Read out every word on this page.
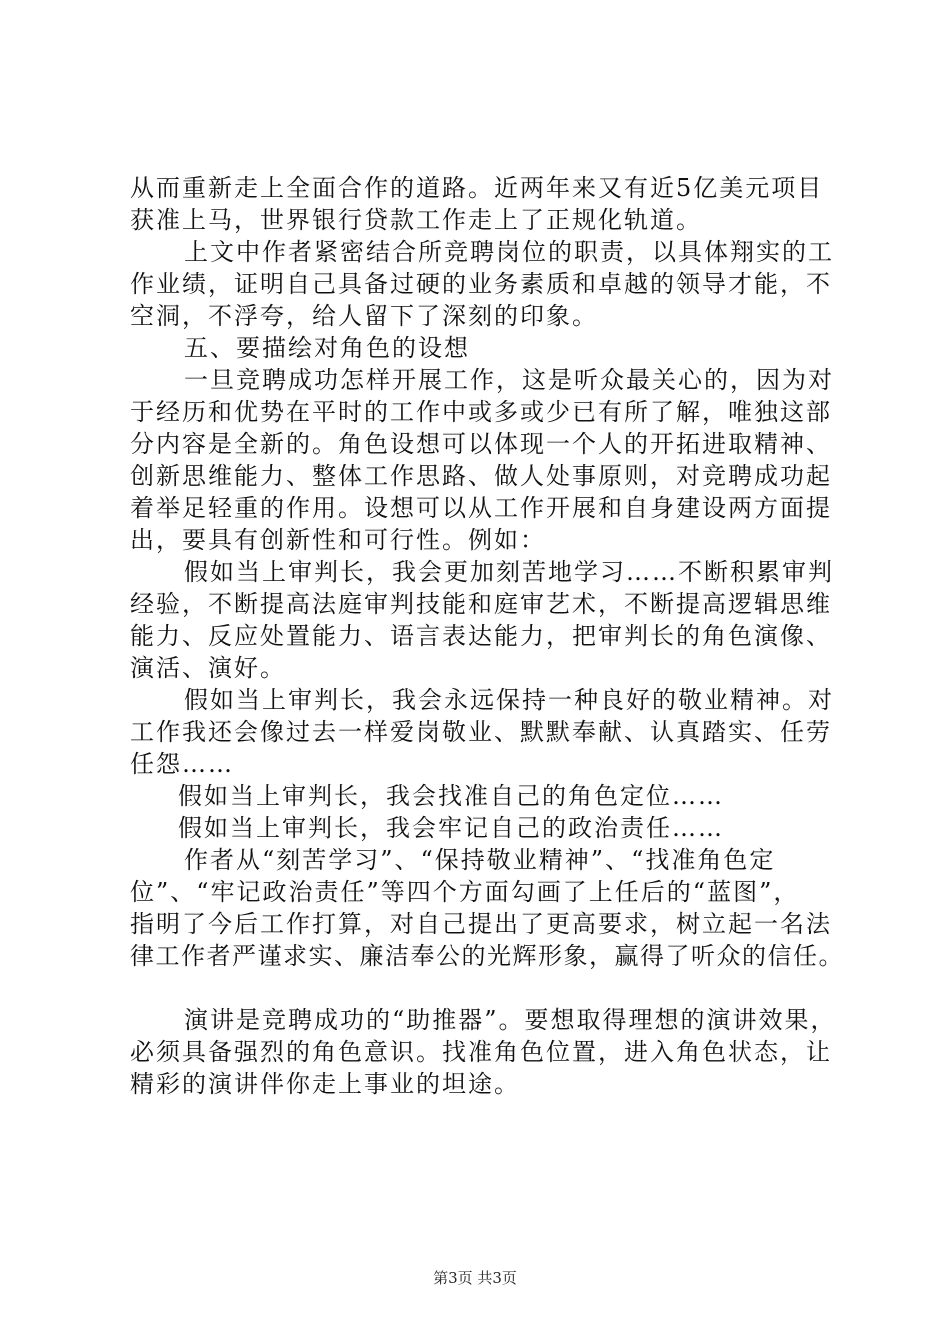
从而重新走上全面合作的道路。近两年来又有近5亿美元项目
获准上马，世界银行贷款工作走上了正规化轨道。
上文中作者紧密结合所竞聘岗位的职责，以具体翔实的工
作业绩，证明自己具备过硬的业务素质和卓越的领导才能，不
空洞，不浮夸，给人留下了深刻的印象。
五、要描绘对角色的设想
一旦竞聘成功怎样开展工作，这是听众最关心的，因为对
于经历和优势在平时的工作中或多或少已有所了解，唯独这部
分内容是全新的。角色设想可以体现一个人的开拓进取精神、
创新思维能力、整体工作思路、做人处事原则，对竞聘成功起
着举足轻重的作用。设想可以从工作开展和自身建设两方面提
出，要具有创新性和可行性。例如：
假如当上审判长，我会更加刻苦地学习……不断积累审判
经验，不断提高法庭审判技能和庭审艺术，不断提高逻辑思维
能力、反应处置能力、语言表达能力，把审判长的角色演像、
演活、演好。
假如当上审判长，我会永远保持一种良好的敬业精神。对
工作我还会像过去一样爱岗敬业、默默奉献、认真踏实、任劳
任怨……
假如当上审判长，我会找准自己的角色定位……
假如当上审判长，我会牢记自己的政治责任……
作者从“刻苦学习”、“保持敬业精神”、“找准角色定
位”、“牢记政治责任”等四个方面勾画了上任后的“蓝图”，
指明了今后工作打算，对自己提出了更高要求，树立起一名法
律工作者严谨求实、廉洁奉公的光辉形象，赢得了听众的信任。
演讲是竞聘成功的“助推器”。要想取得理想的演讲效果，
必须具备强烈的角色意识。找准角色位置，进入角色状态，让
精彩的演讲伴你走上事业的坦途。
第3页 共3页
